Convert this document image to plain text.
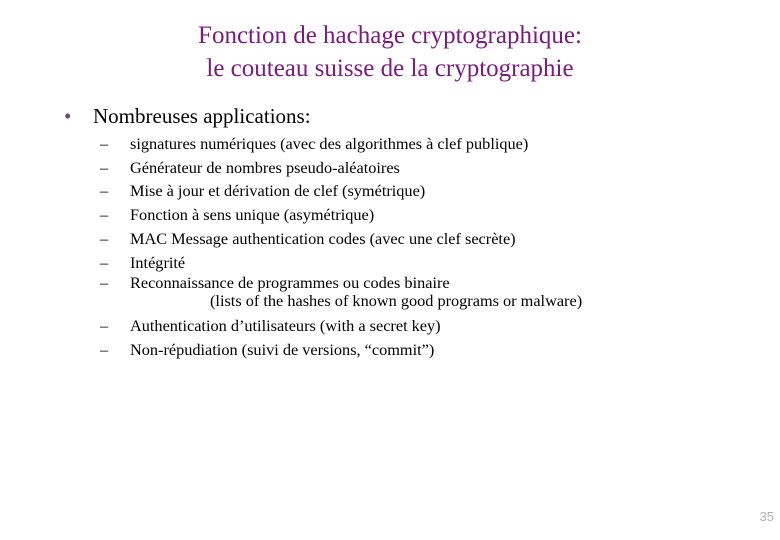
Fonction de hachage cryptographique:
le couteau suisse de la cryptographie
• Nombreuses applications:
– signatures numériques (avec des algorithmes à clef publique)
– Générateur de nombres pseudo-aléatoires
– Mise à jour et dérivation de clef (symétrique)
– Fonction à sens unique (asymétrique)
– MAC Message authentication codes (avec une clef secrète)
– Intégrité
– Reconnaissance de programmes ou codes binaire
(lists of the hashes of known good programs or malware)
– Authentication d’utilisateurs (with a secret key)
– Non-répudiation (suivi de versions, “commit”)
35
